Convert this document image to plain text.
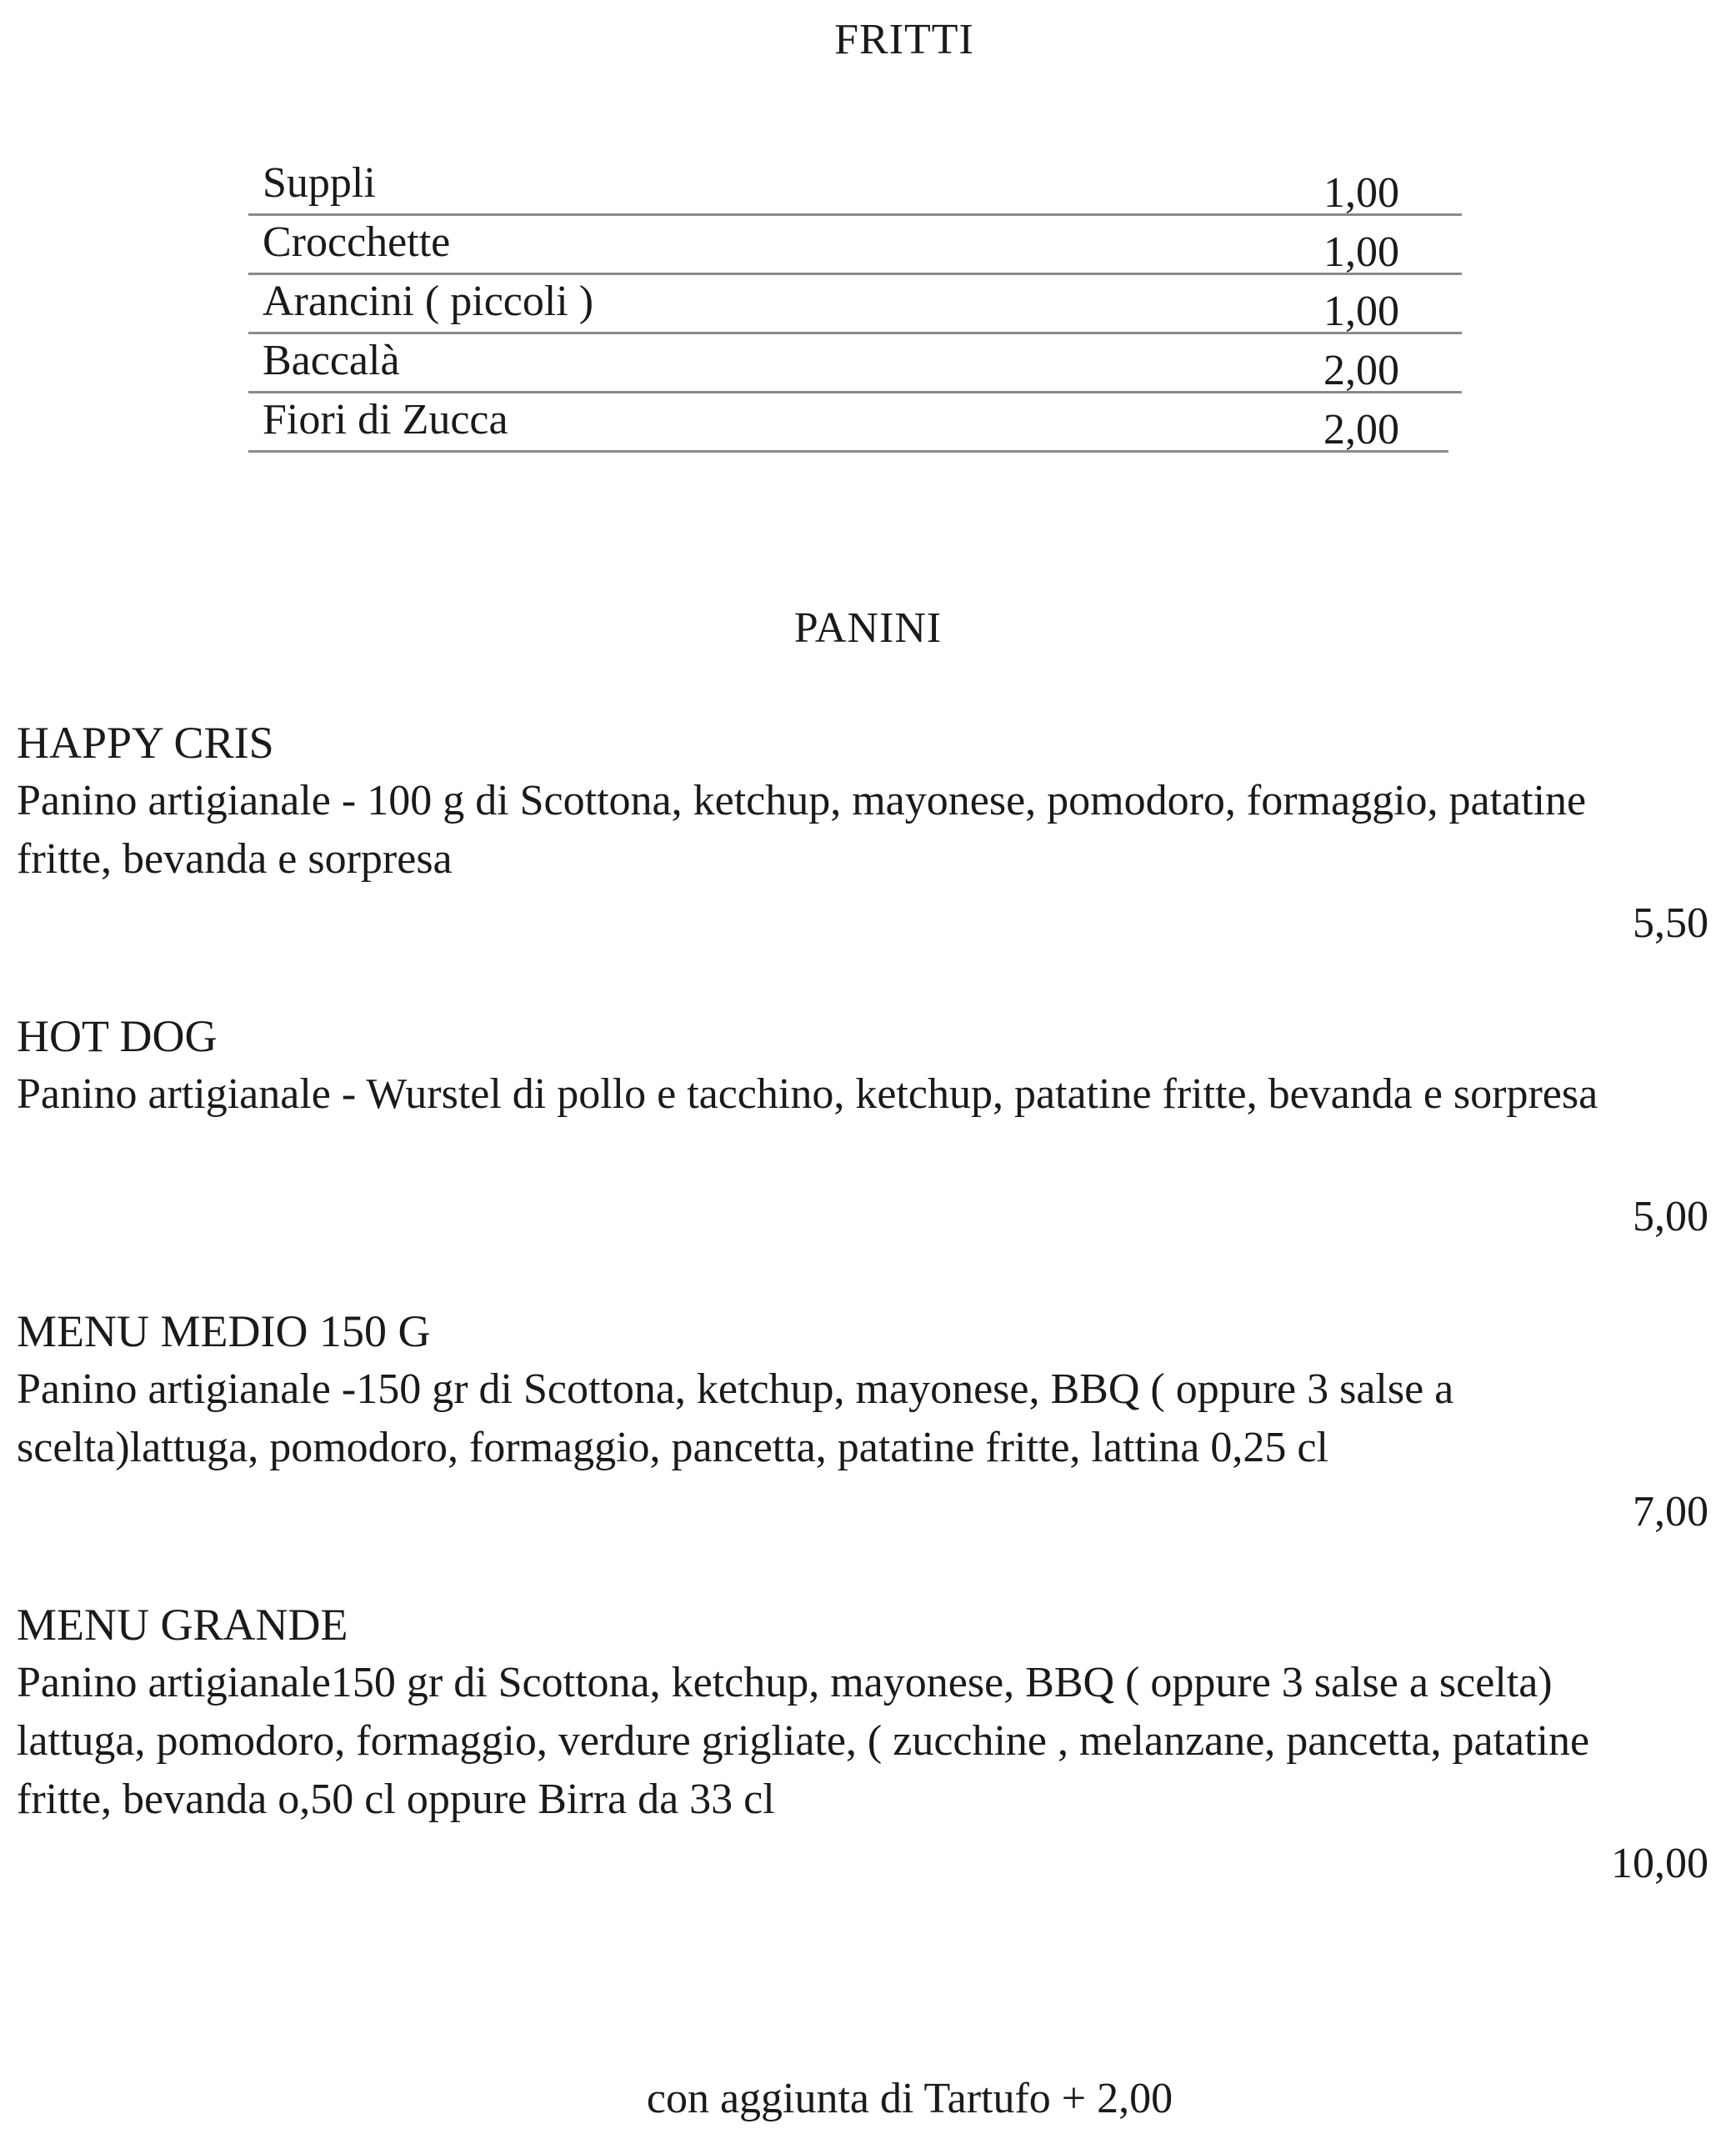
FRITTI
Suppli	1,00
Crocchette	1,00
Arancini ( piccoli )	1,00
Baccalà	2,00
Fiori di Zucca	2,00
PANINI

HAPPY CRIS

Panino artigianale - 100 g di Scottona, ketchup, mayonese, pomodoro, formaggio, patatine fritte, bevanda e sorpresa

5,50

HOT DOG

Panino artigianale - Wurstel di pollo e tacchino, ketchup, patatine fritte, bevanda e sorpresa

5,00

MENU MEDIO 150 G

Panino artigianale -150 gr di Scottona, ketchup, mayonese, BBQ ( oppure 3 salse a scelta)lattuga, pomodoro, formaggio, pancetta, patatine fritte, lattina 0,25 cl

7,00

MENU GRANDE

Panino artigianale150 gr di Scottona, ketchup, mayonese, BBQ ( oppure 3 salse a scelta) lattuga, pomodoro, formaggio, verdure grigliate, ( zucchine , melanzane, pancetta, patatine fritte, bevanda o,50 cl oppure Birra da 33 cl

10,00
con aggiunta di Tartufo + 2,00
